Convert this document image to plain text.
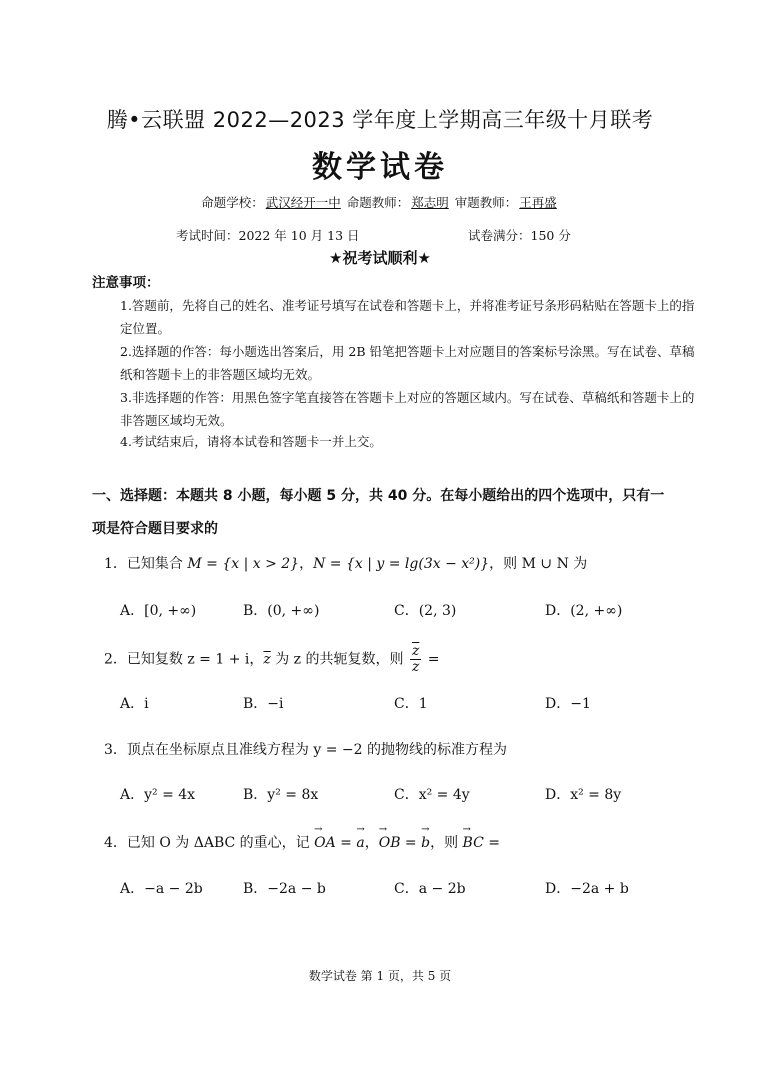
腾•云联盟 2022—2023 学年度上学期高三年级十月联考
数学试卷
命题学校： 武汉经开一中 命题教师： 郑志明 审题教师： 王再盛
考试时间：2022 年 10 月 13 日	试卷满分：150 分
★祝考试顺利★
注意事项：
1.答题前，先将自己的姓名、准考证号填写在试卷和答题卡上，并将准考证号条形码粘贴在答题卡上的指定位置。
2.选择题的作答：每小题选出答案后，用 2B 铅笔把答题卡上对应题目的答案标号涂黑。写在试卷、草稿纸和答题卡上的非答题区域均无效。
3.非选择题的作答：用黑色签字笔直接答在答题卡上对应的答题区域内。写在试卷、草稿纸和答题卡上的非答题区域均无效。
4.考试结束后，请将本试卷和答题卡一并上交。
一、选择题：本题共 8 小题，每小题 5 分，共 40 分。在每小题给出的四个选项中，只有一项是符合题目要求的
1．已知集合 M = {x | x > 2}，N = {x | y = lg(3x − x²)}，则 M ∪ N 为
A．[0, +∞)	B．(0, +∞)	C．(2, 3)	D．(2, +∞)
2．已知复数 z = 1 + i，$\overline{z}$ 为 z 的共轭复数，则 $\frac{\overline{z}}{z}$ =
A．i	B．−i	C．1	D．−1
3．顶点在坐标原点且准线方程为 y = −2 的抛物线的标准方程为
A．y² = 4x	B．y² = 8x	C．x² = 4y	D．x² = 8y
4．已知 O 为 ΔABC 的重心，记 → OA = → a，→ OB = → b，则 → BC =
A．−a − 2b	B．−2a − b	C．a − 2b	D．−2a + b
数学试卷 第 1 页，共 5 页
